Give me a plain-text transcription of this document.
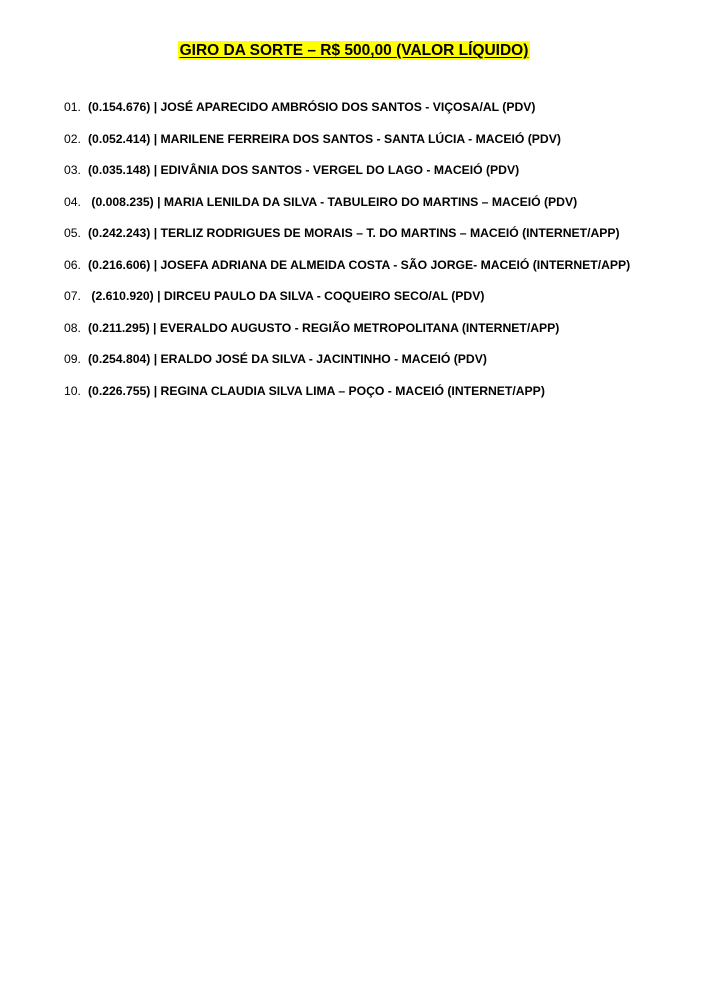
GIRO DA SORTE – R$ 500,00 (VALOR LÍQUIDO)
01. (0.154.676) | JOSÉ APARECIDO AMBRÓSIO DOS SANTOS - VIÇOSA/AL (PDV)
02. (0.052.414) | MARILENE FERREIRA DOS SANTOS - SANTA LÚCIA - MACEIÓ (PDV)
03. (0.035.148) | EDIVÂNIA DOS SANTOS - VERGEL DO LAGO - MACEIÓ (PDV)
04. (0.008.235) | MARIA LENILDA DA SILVA - TABULEIRO DO MARTINS – MACEIÓ (PDV)
05. (0.242.243) | TERLIZ RODRIGUES DE MORAIS – T. DO MARTINS – MACEIÓ (INTERNET/APP)
06. (0.216.606) | JOSEFA ADRIANA DE ALMEIDA COSTA - SÃO JORGE- MACEIÓ (INTERNET/APP)
07. (2.610.920) | DIRCEU PAULO DA SILVA - COQUEIRO SECO/AL (PDV)
08. (0.211.295) | EVERALDO AUGUSTO - REGIÃO METROPOLITANA (INTERNET/APP)
09. (0.254.804) | ERALDO JOSÉ DA SILVA - JACINTINHO - MACEIÓ (PDV)
10. (0.226.755) | REGINA CLAUDIA SILVA LIMA – POÇO - MACEIÓ (INTERNET/APP)
